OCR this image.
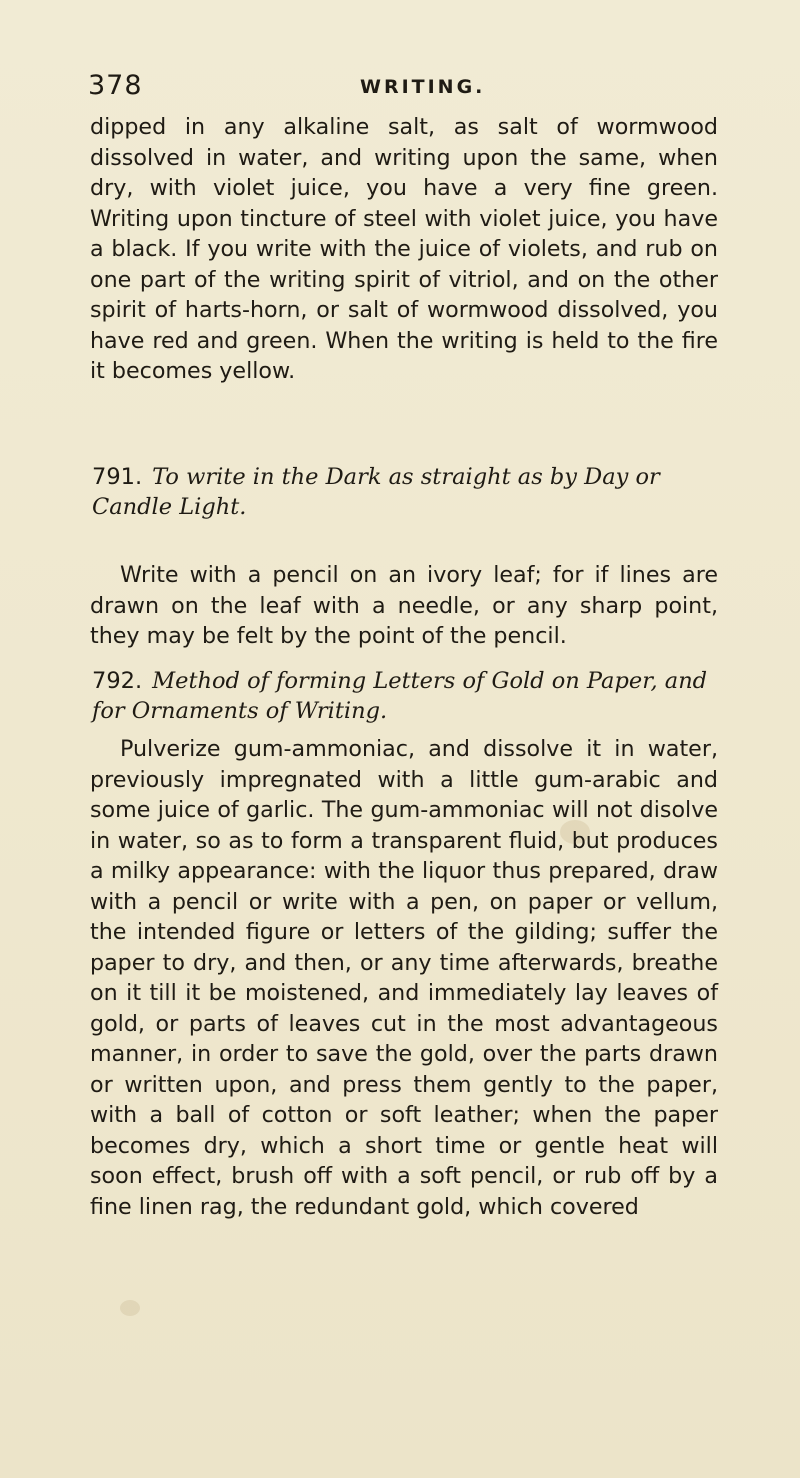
378	WRITING.

dipped in any alkaline salt, as salt of wormwood dissolved in water, and writing upon the same, when dry, with violet juice, you have a very fine green. Writing upon tincture of steel with violet juice, you have a black. If you write with the juice of violets, and rub on one part of the writing spirit of vitriol, and on the other spirit of harts-horn, or salt of wormwood dissolved, you have red and green. When the writing is held to the fire it becomes yellow.

791. To write in the Dark as straight as by Day or Candle Light.

Write with a pencil on an ivory leaf; for if lines are drawn on the leaf with a needle, or any sharp point, they may be felt by the point of the pencil.

792. Method of forming Letters of Gold on Paper, and for Ornaments of Writing.

Pulverize gum-ammoniac, and dissolve it in water, previously impregnated with a little gum-arabic and some juice of garlic. The gum-ammoniac will not disolve in water, so as to form a transparent fluid, but produces a milky appearance: with the liquor thus prepared, draw with a pencil or write with a pen, on paper or vellum, the intended figure or letters of the gilding; suffer the paper to dry, and then, or any time afterwards, breathe on it till it be moistened, and immediately lay leaves of gold, or parts of leaves cut in the most advantageous manner, in order to save the gold, over the parts drawn or written upon, and press them gently to the paper, with a ball of cotton or soft leather; when the paper becomes dry, which a short time or gentle heat will soon effect, brush off with a soft pencil, or rub off by a fine linen rag, the redundant gold, which covered
